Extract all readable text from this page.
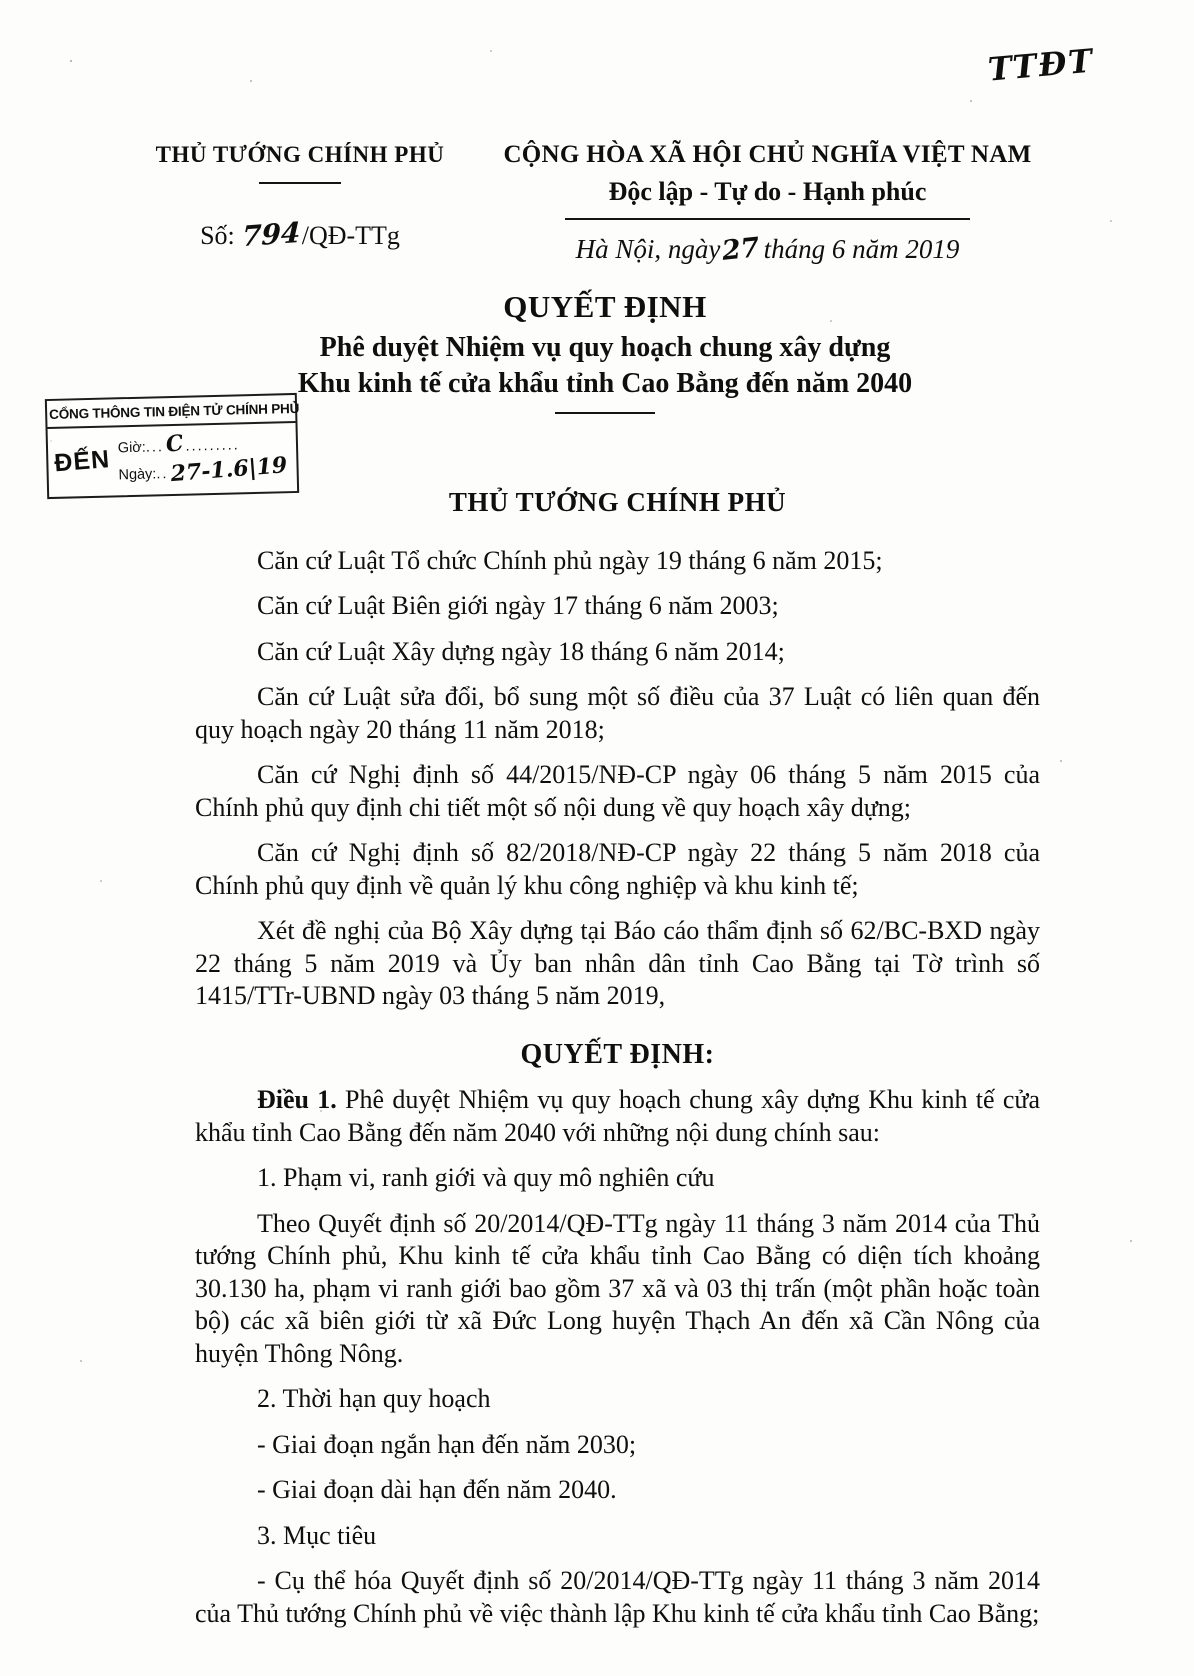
TTĐT
THỦ TƯỚNG CHÍNH PHỦ
Số: 794/QĐ-TTg
CỘNG HÒA XÃ HỘI CHỦ NGHĨA VIỆT NAM
Độc lập - Tự do - Hạnh phúc
Hà Nội, ngày27 tháng 6 năm 2019
QUYẾT ĐỊNH
Phê duyệt Nhiệm vụ quy hoạch chung xây dựng
Khu kinh tế cửa khẩu tỉnh Cao Bằng đến năm 2040
CỔNG THÔNG TIN ĐIỆN TỬ CHÍNH PHỦ
ĐẾN Giờ:...C.........
Ngày:..27-1.6|19
THỦ TƯỚNG CHÍNH PHỦ

Căn cứ Luật Tổ chức Chính phủ ngày 19 tháng 6 năm 2015;

Căn cứ Luật Biên giới ngày 17 tháng 6 năm 2003;

Căn cứ Luật Xây dựng ngày 18 tháng 6 năm 2014;

Căn cứ Luật sửa đổi, bổ sung một số điều của 37 Luật có liên quan đến quy hoạch ngày 20 tháng 11 năm 2018;

Căn cứ Nghị định số 44/2015/NĐ-CP ngày 06 tháng 5 năm 2015 của Chính phủ quy định chi tiết một số nội dung về quy hoạch xây dựng;

Căn cứ Nghị định số 82/2018/NĐ-CP ngày 22 tháng 5 năm 2018 của Chính phủ quy định về quản lý khu công nghiệp và khu kinh tế;

Xét đề nghị của Bộ Xây dựng tại Báo cáo thẩm định số 62/BC-BXD ngày 22 tháng 5 năm 2019 và Ủy ban nhân dân tỉnh Cao Bằng tại Tờ trình số 1415/TTr-UBND ngày 03 tháng 5 năm 2019,

QUYẾT ĐỊNH:

Điều 1. Phê duyệt Nhiệm vụ quy hoạch chung xây dựng Khu kinh tế cửa khẩu tỉnh Cao Bằng đến năm 2040 với những nội dung chính sau:

1. Phạm vi, ranh giới và quy mô nghiên cứu

Theo Quyết định số 20/2014/QĐ-TTg ngày 11 tháng 3 năm 2014 của Thủ tướng Chính phủ, Khu kinh tế cửa khẩu tỉnh Cao Bằng có diện tích khoảng 30.130 ha, phạm vi ranh giới bao gồm 37 xã và 03 thị trấn (một phần hoặc toàn bộ) các xã biên giới từ xã Đức Long huyện Thạch An đến xã Cần Nông của huyện Thông Nông.

2. Thời hạn quy hoạch

- Giai đoạn ngắn hạn đến năm 2030;

- Giai đoạn dài hạn đến năm 2040.

3. Mục tiêu

- Cụ thể hóa Quyết định số 20/2014/QĐ-TTg ngày 11 tháng 3 năm 2014 của Thủ tướng Chính phủ về việc thành lập Khu kinh tế cửa khẩu tỉnh Cao Bằng;
